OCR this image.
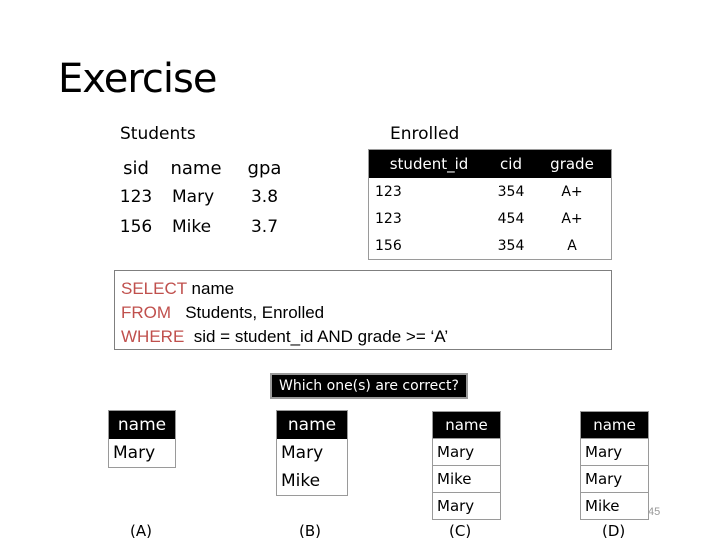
Exercise
Students
sid	name	gpa
123	Mary	3.8
156	Mike	3.7
Enrolled
student_id	cid	grade
123	354	A+
123	454	A+
156	354	A
SELECT name
FROM   Students, Enrolled
WHERE  sid = student_id AND grade >= ‘A’
Which one(s) are correct?
name
Mary
(A)
name
Mary
Mike
(B)
name
Mary
Mike
Mary
(C)
name
Mary
Mary
Mike
(D)
45
